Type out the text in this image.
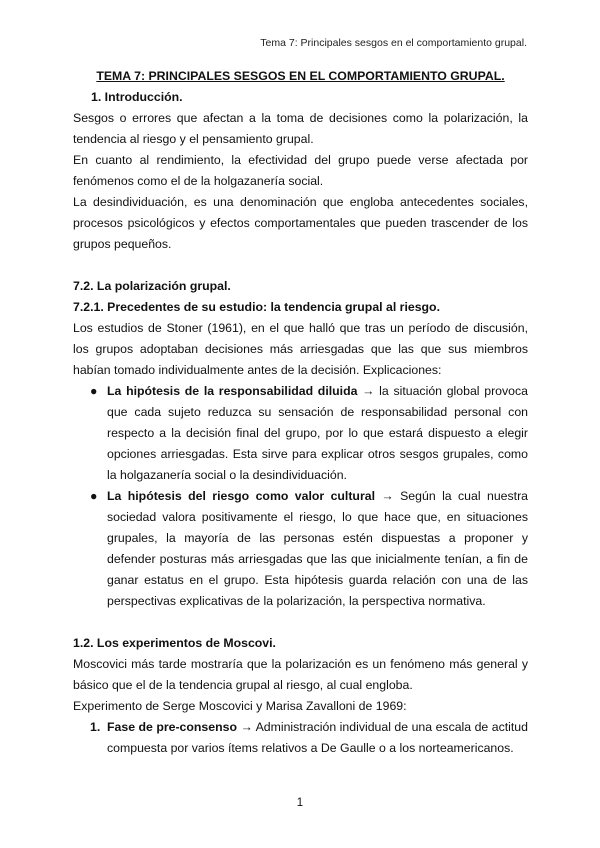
Tema 7: Principales sesgos en el comportamiento grupal.

TEMA 7: PRINCIPALES SESGOS EN EL COMPORTAMIENTO GRUPAL.

1. Introducción.

Sesgos o errores que afectan a la toma de decisiones como la polarización, la tendencia al riesgo y el pensamiento grupal.

En cuanto al rendimiento, la efectividad del grupo puede verse afectada por fenómenos como el de la holgazanería social.

La desindividuación, es una denominación que engloba antecedentes sociales, procesos psicológicos y efectos comportamentales que pueden trascender de los grupos pequeños.

7.2. La polarización grupal.

7.2.1. Precedentes de su estudio: la tendencia grupal al riesgo.

Los estudios de Stoner (1961), en el que halló que tras un período de discusión, los grupos adoptaban decisiones más arriesgadas que las que sus miembros habían tomado individualmente antes de la decisión. Explicaciones:

● La hipótesis de la responsabilidad diluida → la situación global provoca que cada sujeto reduzca su sensación de responsabilidad personal con respecto a la decisión final del grupo, por lo que estará dispuesto a elegir opciones arriesgadas. Esta sirve para explicar otros sesgos grupales, como la holgazanería social o la desindividuación.
● La hipótesis del riesgo como valor cultural → Según la cual nuestra sociedad valora positivamente el riesgo, lo que hace que, en situaciones grupales, la mayoría de las personas estén dispuestas a proponer y defender posturas más arriesgadas que las que inicialmente tenían, a fin de ganar estatus en el grupo. Esta hipótesis guarda relación con una de las perspectivas explicativas de la polarización, la perspectiva normativa.

1.2. Los experimentos de Moscovi.

Moscovici más tarde mostraría que la polarización es un fenómeno más general y básico que el de la tendencia grupal al riesgo, al cual engloba.

Experimento de Serge Moscovici y Marisa Zavalloni de 1969:

1. Fase de pre-consenso → Administración individual de una escala de actitud compuesta por varios ítems relativos a De Gaulle o a los norteamericanos.
1
